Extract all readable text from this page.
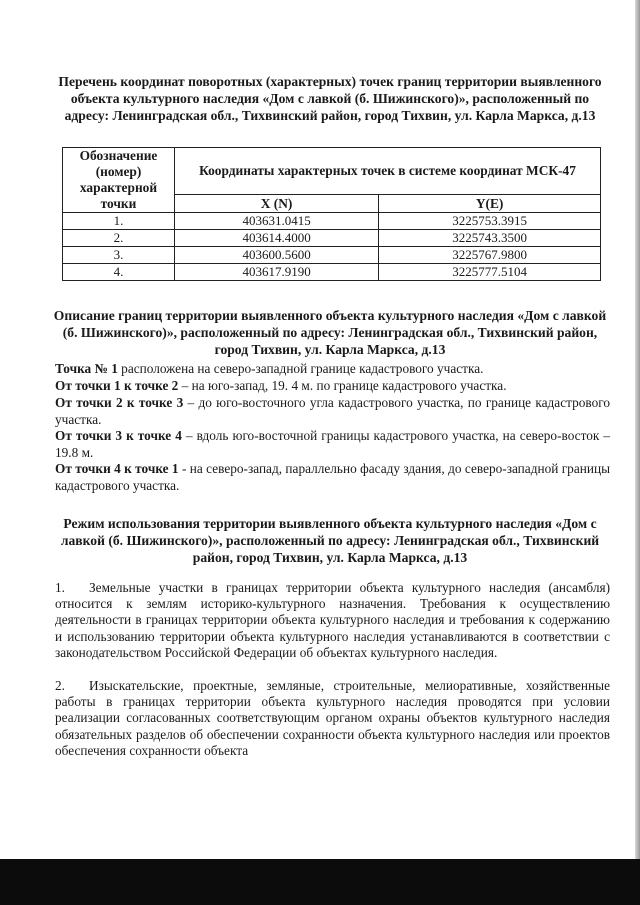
Перечень координат поворотных (характерных) точек границ территории выявленного объекта культурного наследия «Дом с лавкой (б. Шижинского)», расположенный по адресу: Ленинградская обл., Тихвинский район, город Тихвин, ул. Карла Маркса, д.13
Обозначение (номер) характерной точки	Координаты характерных точек в системе координат МСК-47	
	X (N)	Y(E)
1.	403631.0415	3225753.3915
2.	403614.4000	3225743.3500
3.	403600.5600	3225767.9800
4.	403617.9190	3225777.5104
Описание границ территории выявленного объекта культурного наследия «Дом с лавкой (б. Шижинского)», расположенный по адресу: Ленинградская обл., Тихвинский район, город Тихвин, ул. Карла Маркса, д.13
Точка № 1 расположена на северо-западной границе кадастрового участка.
От точки 1 к точке 2 – на юго-запад, 19. 4 м. по границе кадастрового участка.
От точки 2 к точке 3 – до юго-восточного угла кадастрового участка, по границе кадастрового участка.
От точки 3 к точке 4 – вдоль юго-восточной границы кадастрового участка, на северо-восток – 19.8 м.
От точки 4 к точке 1 - на северо-запад, параллельно фасаду здания, до северо-западной границы кадастрового участка.
Режим использования территории выявленного объекта культурного наследия «Дом с лавкой (б. Шижинского)», расположенный по адресу: Ленинградская обл., Тихвинский район, город Тихвин, ул. Карла Маркса, д.13
1. Земельные участки в границах территории объекта культурного наследия (ансамбля) относится к землям историко-культурного назначения. Требования к осуществлению деятельности в границах территории объекта культурного наследия и требования к содержанию и использованию территории объекта культурного наследия устанавливаются в соответствии с законодательством Российской Федерации об объектах культурного наследия.
2. Изыскательские, проектные, земляные, строительные, мелиоративные, хозяйственные работы в границах территории объекта культурного наследия проводятся при условии реализации согласованных соответствующим органом охраны объектов культурного наследия обязательных разделов об обеспечении сохранности объекта культурного наследия или проектов обеспечения сохранности объекта
